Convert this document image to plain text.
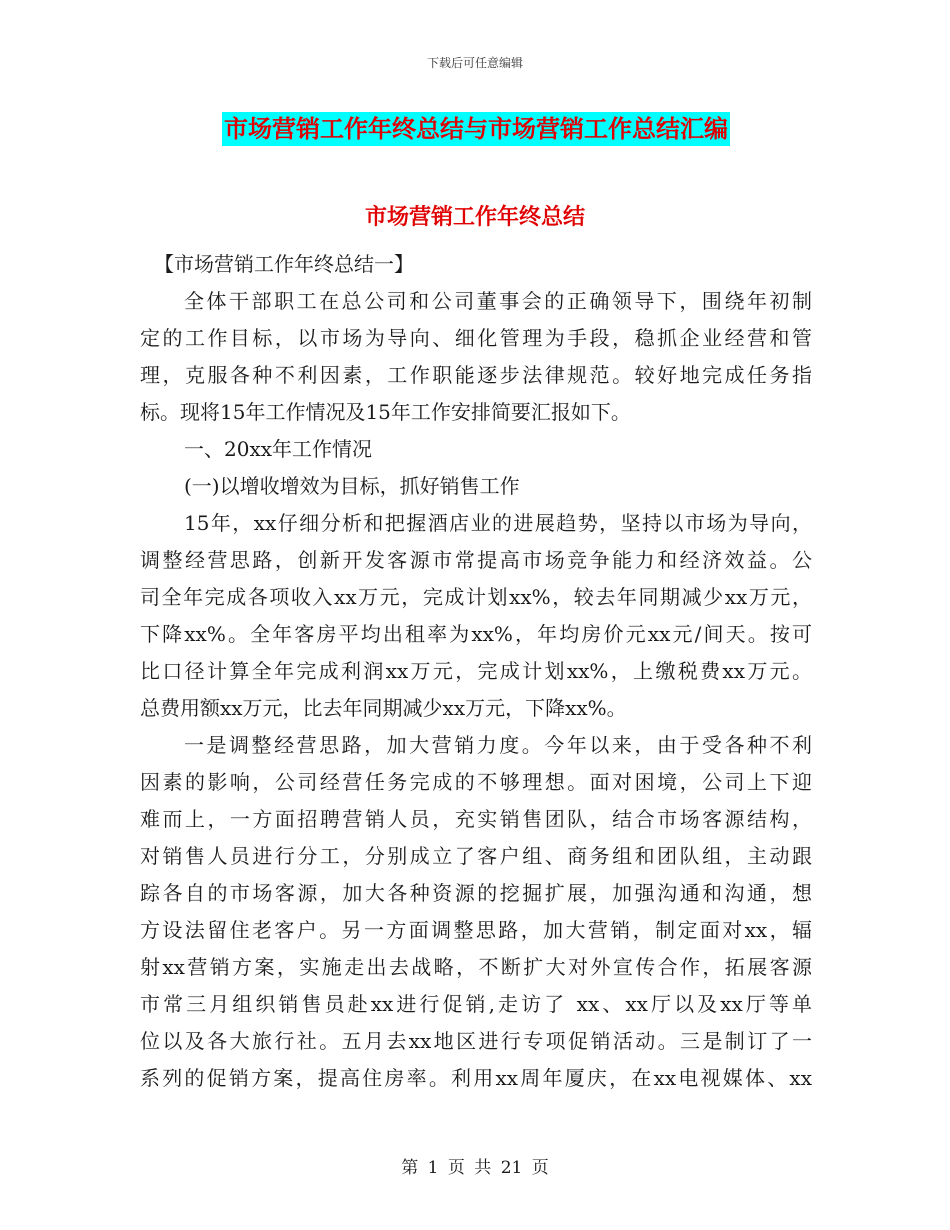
下载后可任意编辑
市场营销工作年终总结与市场营销工作总结汇编
市场营销工作年终总结
【市场营销工作年终总结一】
全体干部职工在总公司和公司董事会的正确领导下，围绕年初制
定的工作目标，以市场为导向、细化管理为手段，稳抓企业经营和管
理，克服各种不利因素，工作职能逐步法律规范。较好地完成任务指
标。现将15年工作情况及15年工作安排简要汇报如下。
一、20xx年工作情况
(一)以增收增效为目标，抓好销售工作
15年，xx仔细分析和把握酒店业的进展趋势，坚持以市场为导向，
调整经营思路，创新开发客源市常提高市场竞争能力和经济效益。公
司全年完成各项收入xx万元，完成计划xx%，较去年同期减少xx万元，
下降xx%。全年客房平均出租率为xx%，年均房价元xx元/间天。按可
比口径计算全年完成利润xx万元，完成计划xx%，上缴税费xx万元。
总费用额xx万元，比去年同期减少xx万元，下降xx%。
一是调整经营思路，加大营销力度。今年以来，由于受各种不利
因素的影响，公司经营任务完成的不够理想。面对困境，公司上下迎
难而上，一方面招聘营销人员，充实销售团队，结合市场客源结构，
对销售人员进行分工，分别成立了客户组、商务组和团队组，主动跟
踪各自的市场客源，加大各种资源的挖掘扩展，加强沟通和沟通，想
方设法留住老客户。另一方面调整思路，加大营销，制定面对xx，辐
射xx营销方案，实施走出去战略，不断扩大对外宣传合作，拓展客源
市常三月组织销售员赴xx进行促销,走访了 xx、xx厅以及xx厅等单
位以及各大旅行社。五月去xx地区进行专项促销活动。三是制订了一
系列的促销方案，提高住房率。利用xx周年厦庆，在xx电视媒体、xx
第 1 页 共 21 页
